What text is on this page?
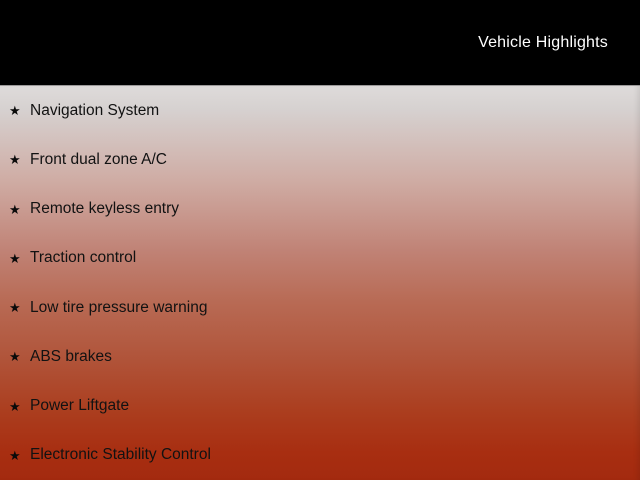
Vehicle Highlights
★ Navigation System
★ Front dual zone A/C
★ Remote keyless entry
★ Traction control
★ Low tire pressure warning
★ ABS brakes
★ Power Liftgate
★ Electronic Stability Control
